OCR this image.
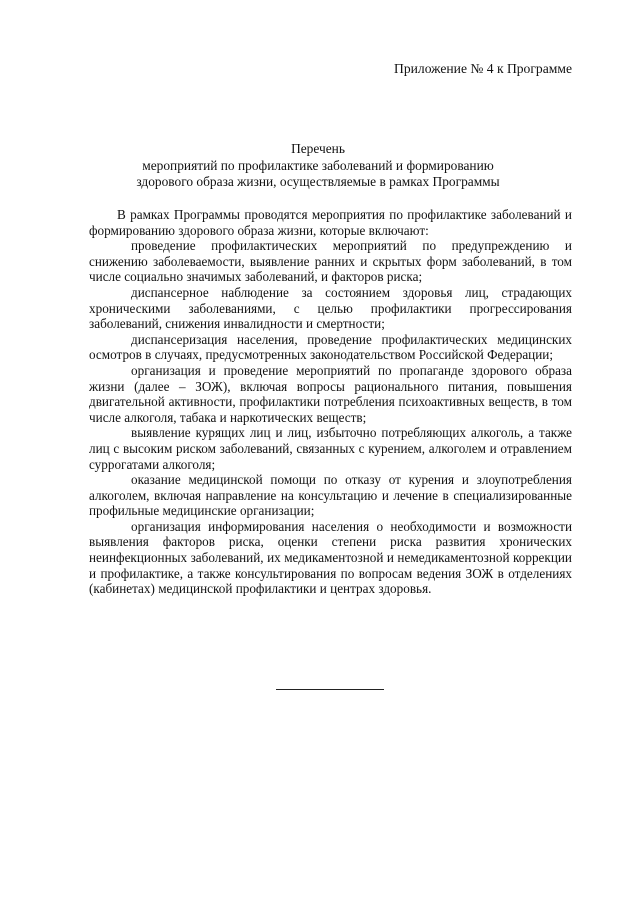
Приложение № 4 к Программе
Перечень
мероприятий по профилактике заболеваний и формированию
здорового образа жизни, осуществляемые в рамках Программы

В рамках Программы проводятся мероприятия по профилактике заболеваний и формированию здорового образа жизни, которые включают:

проведение профилактических мероприятий по предупреждению и снижению заболеваемости, выявление ранних и скрытых форм заболеваний, в том числе социально значимых заболеваний, и факторов риска;

диспансерное наблюдение за состоянием здоровья лиц, страдающих хроническими заболеваниями, с целью профилактики прогрессирования заболеваний, снижения инвалидности и смертности;

диспансеризация населения, проведение профилактических медицинских осмотров в случаях, предусмотренных законодательством Российской Федерации;

организация и проведение мероприятий по пропаганде здорового образа жизни (далее – ЗОЖ), включая вопросы рационального питания, повышения двигательной активности, профилактики потребления психоактивных веществ, в том числе алкоголя, табака и наркотических веществ;

выявление курящих лиц и лиц, избыточно потребляющих алкоголь, а также лиц с высоким риском заболеваний, связанных с курением, алкоголем и отравлением суррогатами алкоголя;

оказание медицинской помощи по отказу от курения и злоупотребления алкоголем, включая направление на консультацию и лечение в специализированные профильные медицинские организации;

организация информирования населения о необходимости и возможности выявления факторов риска, оценки степени риска развития хронических неинфекционных заболеваний, их медикаментозной и немедикаментозной коррекции и профилактике, а также консультирования по вопросам ведения ЗОЖ в отделениях (кабинетах) медицинской профилактики и центрах здоровья.
